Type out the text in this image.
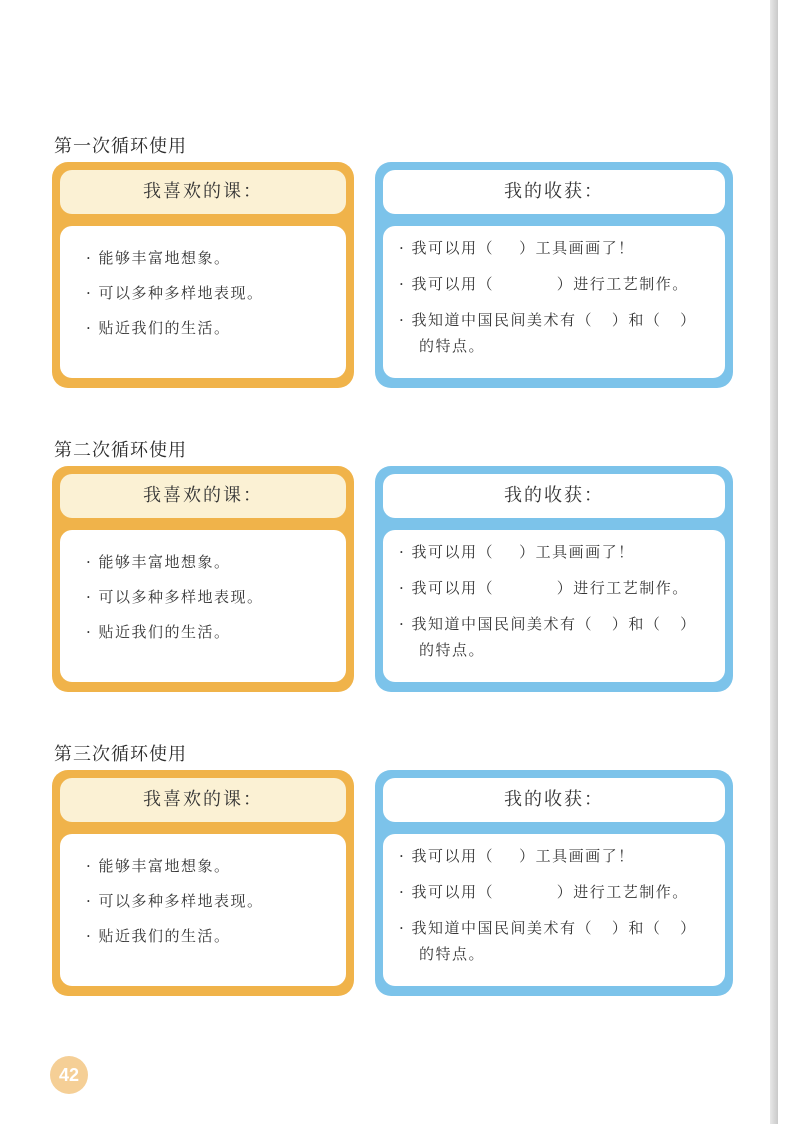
第一次循环使用
我喜欢的课：

· 能够丰富地想象。

· 可以多种多样地表现。

· 贴近我们的生活。

我的收获：

· 我可以用（    ）工具画画了！

· 我可以用（          ）进行工艺制作。

· 我知道中国民间美术有（   ）和（   ）

的特点。

第二次循环使用
我喜欢的课：

· 能够丰富地想象。

· 可以多种多样地表现。

· 贴近我们的生活。

我的收获：

· 我可以用（    ）工具画画了！

· 我可以用（          ）进行工艺制作。

· 我知道中国民间美术有（   ）和（   ）

的特点。

第三次循环使用
我喜欢的课：

· 能够丰富地想象。

· 可以多种多样地表现。

· 贴近我们的生活。

我的收获：

· 我可以用（    ）工具画画了！

· 我可以用（          ）进行工艺制作。

· 我知道中国民间美术有（   ）和（   ）

的特点。

42
